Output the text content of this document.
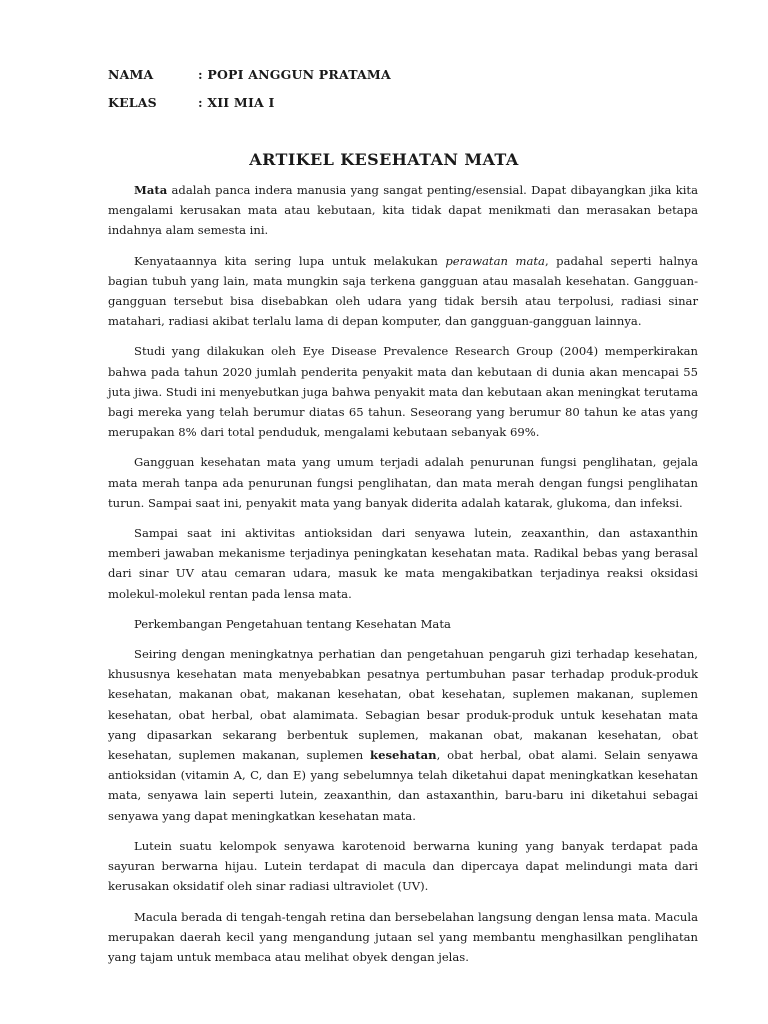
NAMA	: POPI ANGGUN PRATAMA
KELAS	: XII MIA I
ARTIKEL KESEHATAN MATA

Mata adalah panca indera manusia yang sangat penting/esensial. Dapat dibayangkan jika kita mengalami kerusakan mata atau kebutaan, kita tidak dapat menikmati dan merasakan betapa indahnya alam semesta ini.

Kenyataannya kita sering lupa untuk melakukan perawatan mata, padahal seperti halnya bagian tubuh yang lain, mata mungkin saja terkena gangguan atau masalah kesehatan. Gangguan-gangguan tersebut bisa disebabkan oleh udara yang tidak bersih atau terpolusi, radiasi sinar matahari, radiasi akibat terlalu lama di depan komputer, dan gangguan-gangguan lainnya.

Studi yang dilakukan oleh Eye Disease Prevalence Research Group (2004) memperkirakan bahwa pada tahun 2020 jumlah penderita penyakit mata dan kebutaan di dunia akan mencapai 55 juta jiwa. Studi ini menyebutkan juga bahwa penyakit mata dan kebutaan akan meningkat terutama bagi mereka yang telah berumur diatas 65 tahun. Seseorang yang berumur 80 tahun ke atas yang merupakan 8% dari total penduduk, mengalami kebutaan sebanyak 69%.

Gangguan kesehatan mata yang umum terjadi adalah penurunan fungsi penglihatan, gejala mata merah tanpa ada penurunan fungsi penglihatan, dan mata merah dengan fungsi penglihatan turun. Sampai saat ini, penyakit mata yang banyak diderita adalah katarak, glukoma, dan infeksi.

Sampai saat ini aktivitas antioksidan dari senyawa lutein, zeaxanthin, dan astaxanthin memberi jawaban mekanisme terjadinya peningkatan kesehatan mata. Radikal bebas yang berasal dari sinar UV atau cemaran udara, masuk ke mata mengakibatkan terjadinya reaksi oksidasi molekul-molekul rentan pada lensa mata.

Perkembangan Pengetahuan tentang Kesehatan Mata

Seiring dengan meningkatnya perhatian dan pengetahuan pengaruh gizi terhadap kesehatan, khususnya kesehatan mata menyebabkan pesatnya pertumbuhan pasar terhadap produk-produk kesehatan, makanan obat, makanan kesehatan, obat kesehatan, suplemen makanan, suplemen kesehatan, obat herbal, obat alamimata. Sebagian besar produk-produk untuk kesehatan mata yang dipasarkan sekarang berbentuk suplemen, makanan obat, makanan kesehatan, obat kesehatan, suplemen makanan, suplemen kesehatan, obat herbal, obat alami. Selain senyawa antioksidan (vitamin A, C, dan E) yang sebelumnya telah diketahui dapat meningkatkan kesehatan mata, senyawa lain seperti lutein, zeaxanthin, dan astaxanthin, baru-baru ini diketahui sebagai senyawa yang dapat meningkatkan kesehatan mata.

Lutein suatu kelompok senyawa karotenoid berwarna kuning yang banyak terdapat pada sayuran berwarna hijau. Lutein terdapat di macula dan dipercaya dapat melindungi mata dari kerusakan oksidatif oleh sinar radiasi ultraviolet (UV).

Macula berada di tengah-tengah retina dan bersebelahan langsung dengan lensa mata. Macula merupakan daerah kecil yang mengandung jutaan sel yang membantu menghasilkan penglihatan yang tajam untuk membaca atau melihat obyek dengan jelas.
